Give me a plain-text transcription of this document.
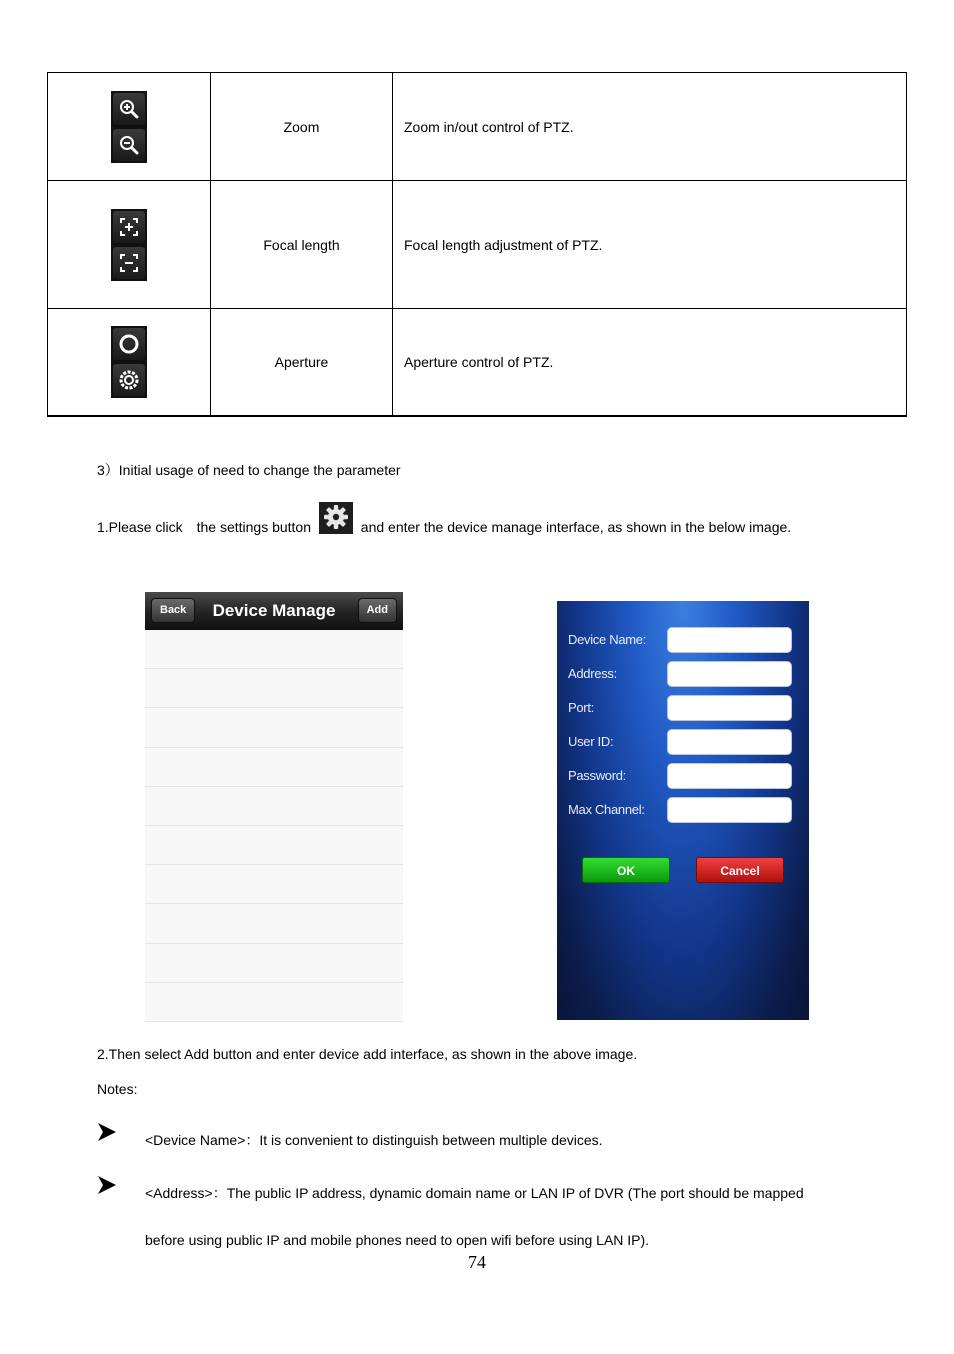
	Zoom	Zoom in/out control of PTZ.

	Focal length	Focal length adjustment of PTZ.

	Aperture	Aperture control of PTZ.
3）Initial usage of need to change the parameter
1.Please click　the settings button	and enter the device manage interface, as shown in the below image.
Back	Device Manage	Add
Device Name:
Address:
Port:
User ID:
Password:
Max Channel:
OK	Cancel
2.Then select Add button and enter device add interface, as shown in the above image.
Notes:
<Device Name>：It is convenient to distinguish between multiple devices.
<Address>：The public IP address, dynamic domain name or LAN IP of DVR (The port should be mapped
before using public IP and mobile phones need to open wifi before using LAN IP).
74
